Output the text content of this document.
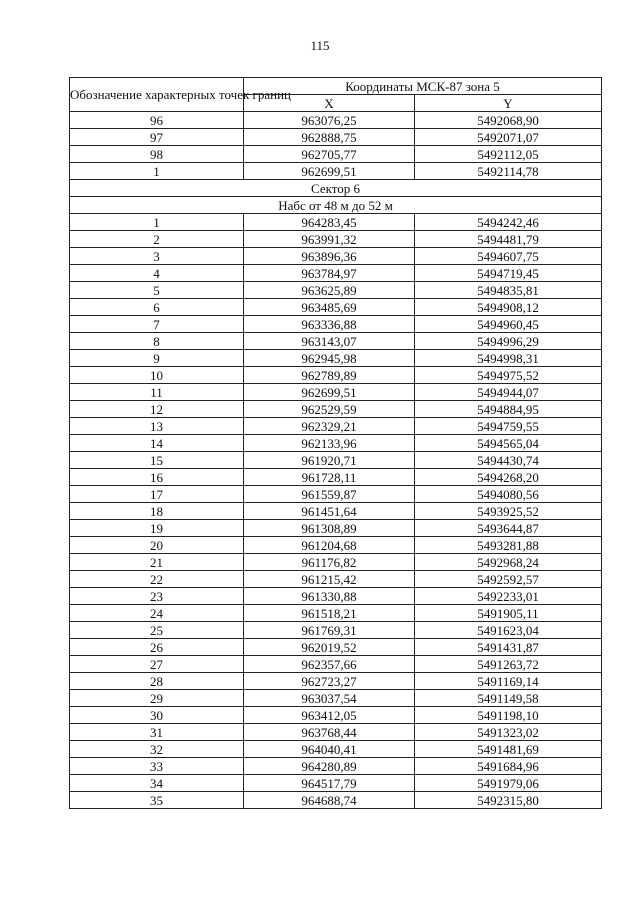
115
Обозначение характерных точек границ	Координаты МСК-87 зона 5	
	X	Y
96	963076,25	5492068,90
97	962888,75	5492071,07
98	962705,77	5492112,05
1	962699,51	5492114,78
Сектор 6		
Набс от 48 м до 52 м		
1	964283,45	5494242,46
2	963991,32	5494481,79
3	963896,36	5494607,75
4	963784,97	5494719,45
5	963625,89	5494835,81
6	963485,69	5494908,12
7	963336,88	5494960,45
8	963143,07	5494996,29
9	962945,98	5494998,31
10	962789,89	5494975,52
11	962699,51	5494944,07
12	962529,59	5494884,95
13	962329,21	5494759,55
14	962133,96	5494565,04
15	961920,71	5494430,74
16	961728,11	5494268,20
17	961559,87	5494080,56
18	961451,64	5493925,52
19	961308,89	5493644,87
20	961204,68	5493281,88
21	961176,82	5492968,24
22	961215,42	5492592,57
23	961330,88	5492233,01
24	961518,21	5491905,11
25	961769,31	5491623,04
26	962019,52	5491431,87
27	962357,66	5491263,72
28	962723,27	5491169,14
29	963037,54	5491149,58
30	963412,05	5491198,10
31	963768,44	5491323,02
32	964040,41	5491481,69
33	964280,89	5491684,96
34	964517,79	5491979,06
35	964688,74	5492315,80
